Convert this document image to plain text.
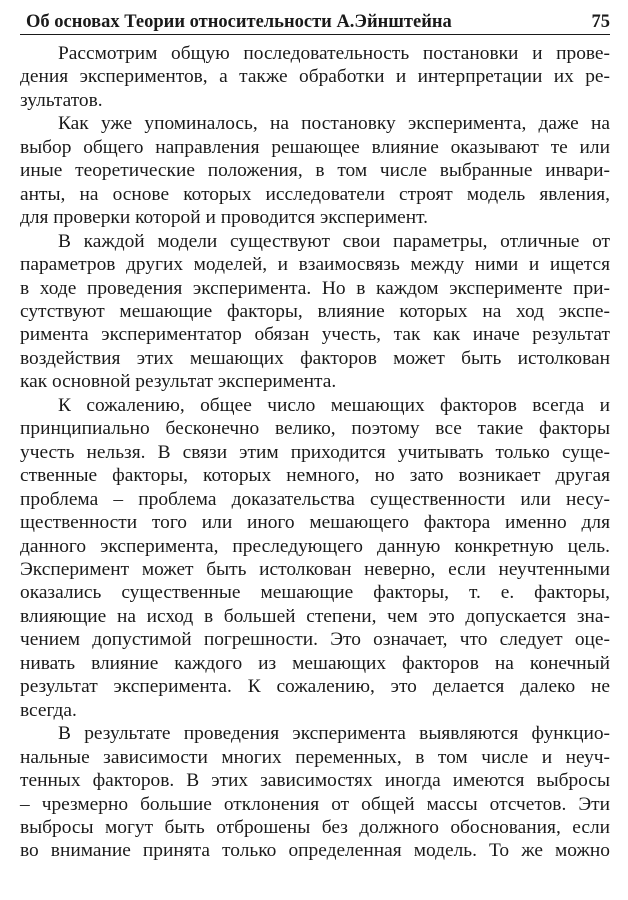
Об основах Теории относительности А.Эйнштейна	75

Рассмотрим общую последовательность постановки и прове-
дения экспериментов, а также обработки и интерпретации их ре-
зультатов.

Как уже упоминалось, на постановку эксперимента, даже на
выбор общего направления решающее влияние оказывают те или
иные теоретические положения, в том числе выбранные инвари-
анты, на основе которых исследователи строят модель явления,
для проверки которой и проводится эксперимент.

В каждой модели существуют свои параметры, отличные от
параметров других моделей, и взаимосвязь между ними и ищется
в ходе проведения эксперимента. Но в каждом эксперименте при-
сутствуют мешающие факторы, влияние которых на ход экспе-
римента экспериментатор обязан учесть, так как иначе результат
воздействия этих мешающих факторов может быть истолкован
как основной результат эксперимента.

К сожалению, общее число мешающих факторов всегда и
принципиально бесконечно велико, поэтому все такие факторы
учесть нельзя. В связи этим приходится учитывать только суще-
ственные факторы, которых немного, но зато возникает другая
проблема – проблема доказательства существенности или несу-
щественности того или иного мешающего фактора именно для
данного эксперимента, преследующего данную конкретную цель.
Эксперимент может быть истолкован неверно, если неучтенными
оказались существенные мешающие факторы, т. е. факторы,
влияющие на исход в большей степени, чем это допускается зна-
чением допустимой погрешности. Это означает, что следует оце-
нивать влияние каждого из мешающих факторов на конечный
результат эксперимента. К сожалению, это делается далеко не
всегда.

В результате проведения эксперимента выявляются функцио-
нальные зависимости многих переменных, в том числе и неуч-
тенных факторов. В этих зависимостях иногда имеются выбросы
– чрезмерно большие отклонения от общей массы отсчетов. Эти
выбросы могут быть отброшены без должного обоснования, если
во внимание принята только определенная модель. То же можно
